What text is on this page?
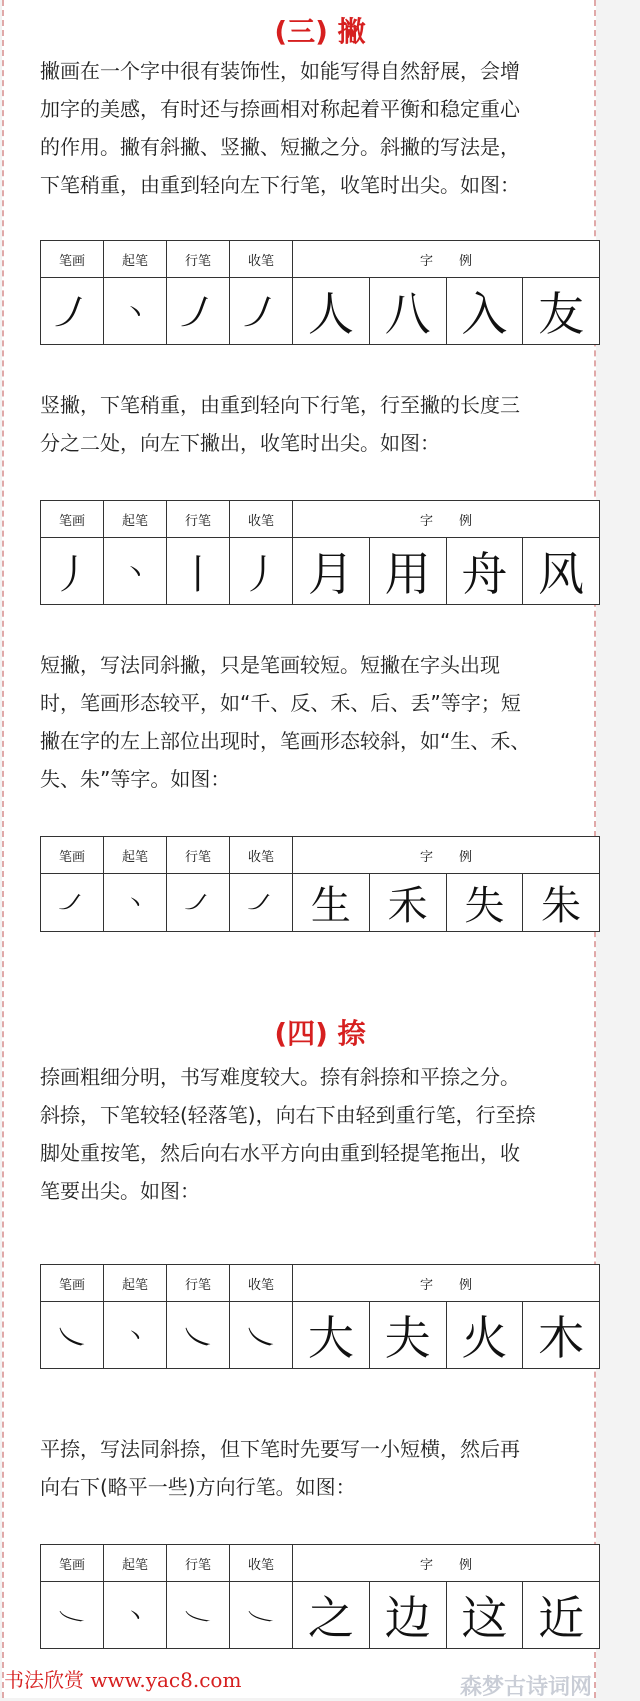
(三) 撇
撇画在一个字中很有装饰性，如能写得自然舒展，会增
加字的美感，有时还与捺画相对称起着平衡和稳定重心
的作用。撇有斜撇、竖撇、短撇之分。斜撇的写法是，
下笔稍重，由重到轻向左下行笔，收笔时出尖。如图：
笔画	起笔	行笔	收笔	字　　例			
丿	丶	丿	丿	人	八	入	友
竖撇，下笔稍重，由重到轻向下行笔，行至撇的长度三
分之二处，向左下撇出，收笔时出尖。如图：
笔画	起笔	行笔	收笔	字　　例			
丿	丶	丨	丿	月	用	舟	风
短撇，写法同斜撇，只是笔画较短。短撇在字头出现
时，笔画形态较平，如“千、反、禾、后、丢”等字；短
撇在字的左上部位出现时，笔画形态较斜，如“生、禾、
失、朱”等字。如图：
笔画	起笔	行笔	收笔	字　　例			
丿	丶	丿	丿	生	禾	失	朱
(四) 捺
捺画粗细分明，书写难度较大。捺有斜捺和平捺之分。
斜捺，下笔较轻(轻落笔)，向右下由轻到重行笔，行至捺
脚处重按笔，然后向右水平方向由重到轻提笔拖出，收
笔要出尖。如图：
笔画	起笔	行笔	收笔	字　　例			
㇏	丶	㇏	㇏	大	夫	火	木
平捺，写法同斜捺，但下笔时先要写一小短横，然后再
向右下(略平一些)方向行笔。如图：
笔画	起笔	行笔	收笔	字　　例			
㇏	丶	㇏	㇏	之	边	这	近
书法欣赏 www.yac8.com	森梦古诗词网
